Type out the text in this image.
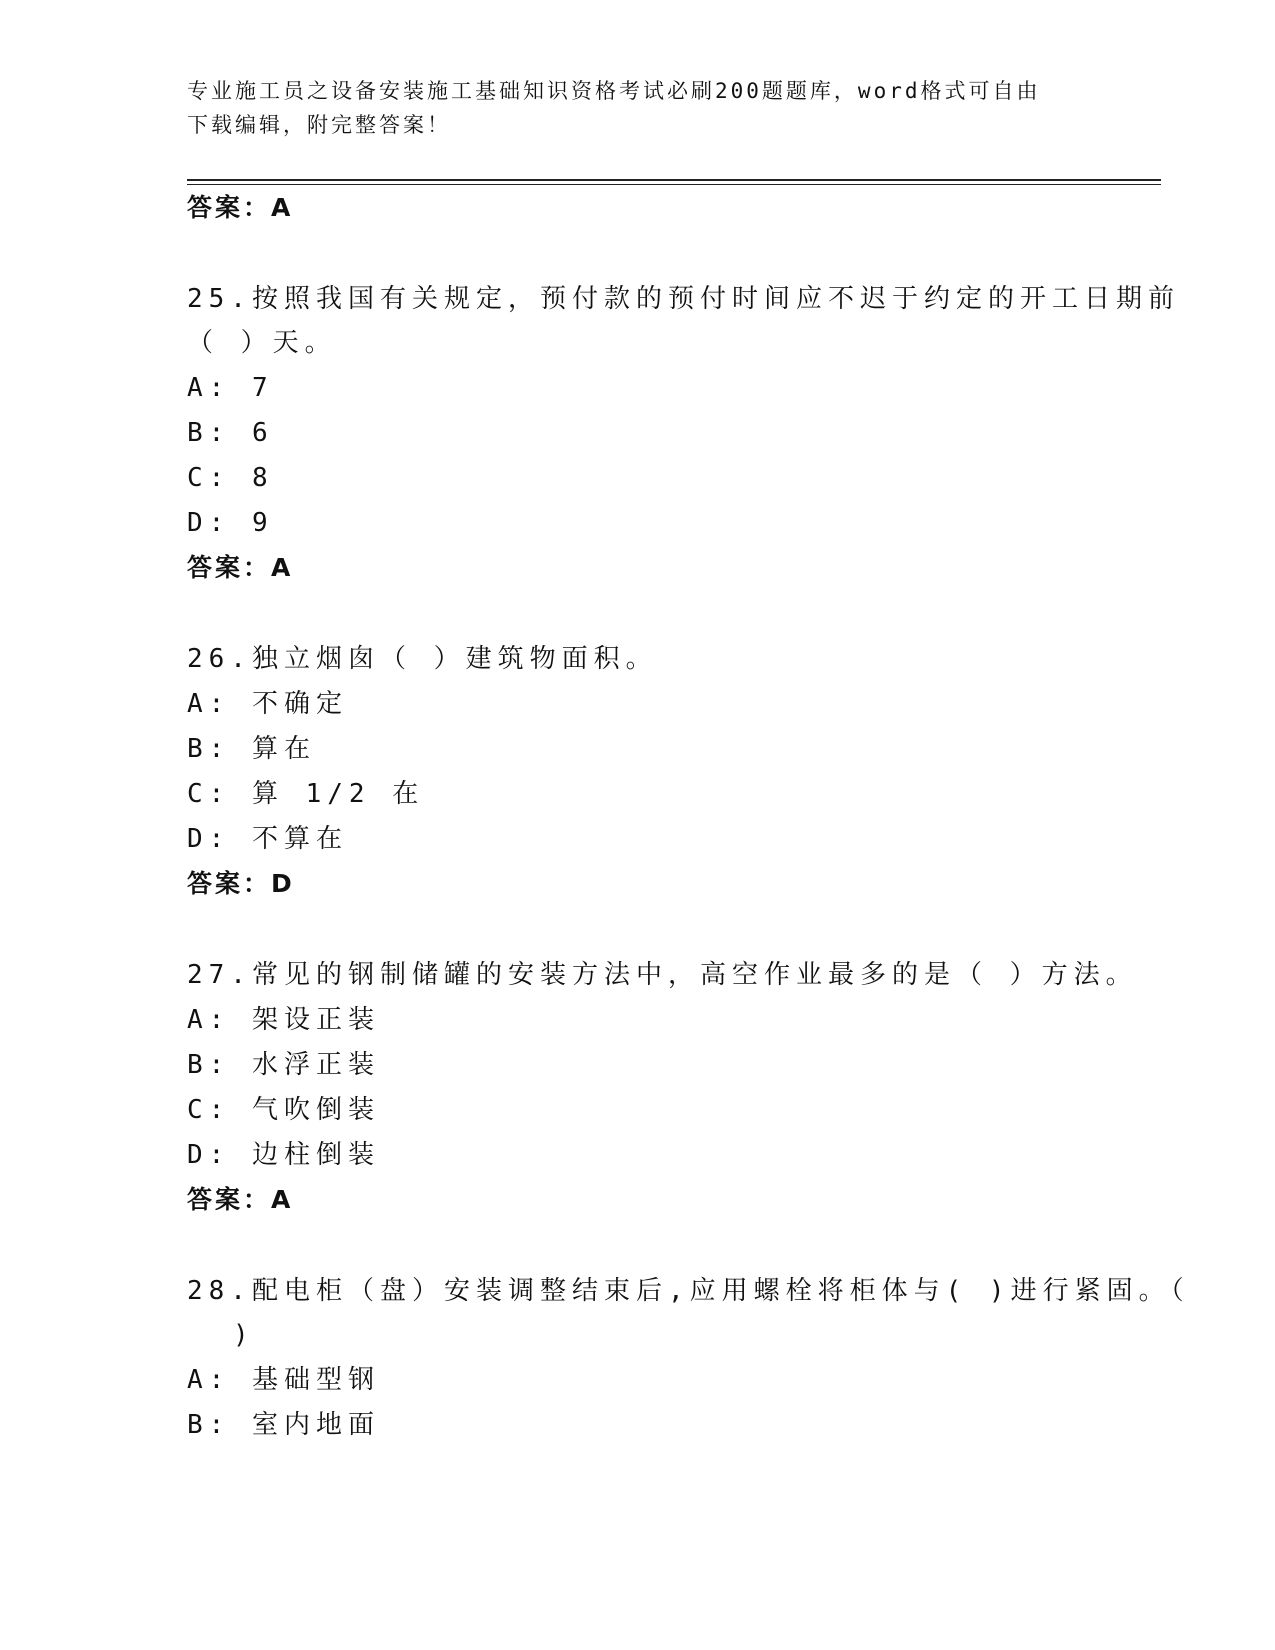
专业施工员之设备安装施工基础知识资格考试必刷200题题库，word格式可自由
下载编辑，附完整答案！
答案：A
25.按照我国有关规定，预付款的预付时间应不迟于约定的开工日期前
（ ）天。
A: 7
B: 6
C: 8
D: 9
答案：A
26.独立烟囱（ ）建筑物面积。
A: 不确定
B: 算在
C: 算 1/2 在
D: 不算在
答案：D
27.常见的钢制储罐的安装方法中，高空作业最多的是（ ）方法。
A: 架设正装
B: 水浮正装
C: 气吹倒装
D: 边柱倒装
答案：A
28.配电柜（盘）安装调整结束后,应用螺栓将柜体与( )进行紧固。（
)
A: 基础型钢
B: 室内地面
